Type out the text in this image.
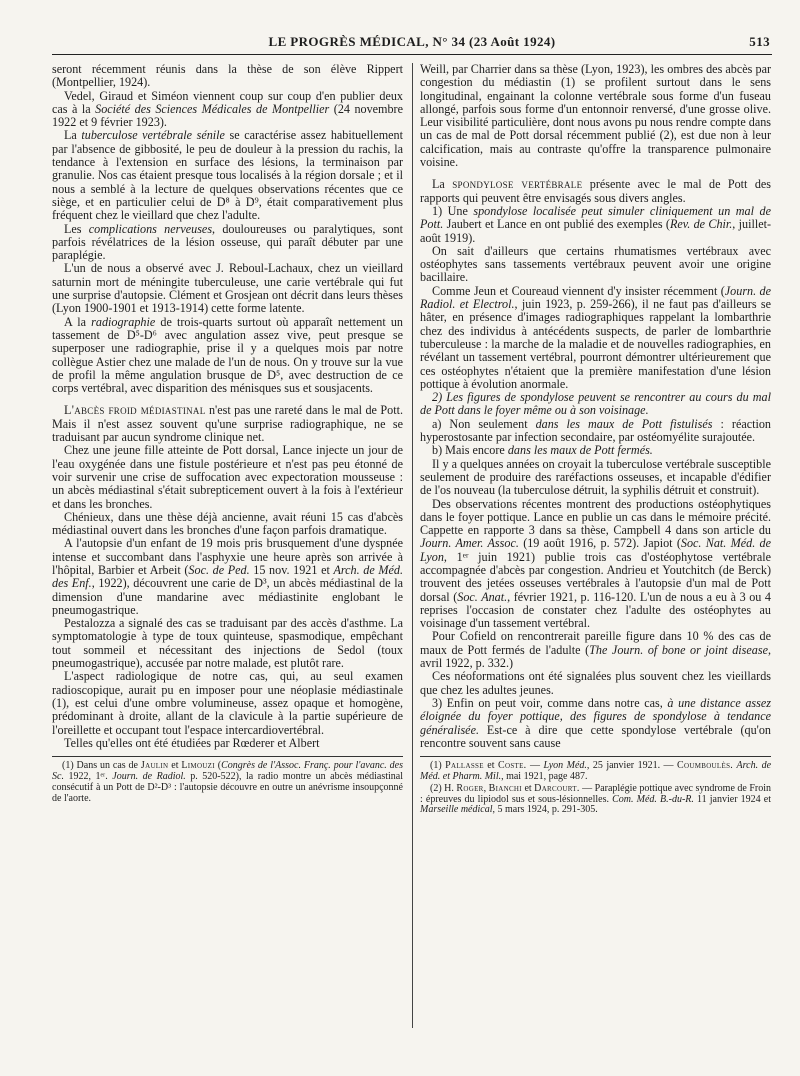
LE PROGRÈS MÉDICAL, N° 34 (23 Août 1924)	513

seront récemment réunis dans la thèse de son élève Rippert (Montpellier, 1924).

Vedel, Giraud et Siméon viennent coup sur coup d'en publier deux cas à la Société des Sciences Médicales de Montpellier (24 novembre 1922 et 9 février 1923).

La tuberculose vertébrale sénile se caractérise assez habituellement par l'absence de gibbosité, le peu de douleur à la pression du rachis, la tendance à l'extension en surface des lésions, la terminaison par granulie. Nos cas étaient presque tous localisés à la région dorsale ; et il nous a semblé à la lecture de quelques observations récentes que ce siège, et en particulier celui de D⁸ à D⁹, était comparativement plus fréquent chez le vieillard que chez l'adulte.

Les complications nerveuses, douloureuses ou paralytiques, sont parfois révélatrices de la lésion osseuse, qui paraît débuter par une paraplégie.

L'un de nous a observé avec J. Reboul-Lachaux, chez un vieillard saturnin mort de méningite tuberculeuse, une carie vertébrale qui fut une surprise d'autopsie. Clément et Grosjean ont décrit dans leurs thèses (Lyon 1900-1901 et 1913-1914) cette forme latente.

A la radiographie de trois-quarts surtout où apparaît nettement un tassement de D⁵-D⁶ avec angulation assez vive, peut presque se superposer une radiographie, prise il y a quelques mois par notre collègue Astier chez une malade de l'un de nous. On y trouve sur la vue de profil la même angulation brusque de D⁵, avec destruction de ce corps vertébral, avec disparition des ménisques sus et sousjacents.

L'abcès froid médiastinal n'est pas une rareté dans le mal de Pott. Mais il n'est assez souvent qu'une surprise radiographique, ne se traduisant par aucun syndrome clinique net.

Chez une jeune fille atteinte de Pott dorsal, Lance injecte un jour de l'eau oxygénée dans une fistule postérieure et n'est pas peu étonné de voir survenir une crise de suffocation avec expectoration mousseuse : un abcès médiastinal s'était subrepticement ouvert à la fois à l'extérieur et dans les bronches.

Chénieux, dans une thèse déjà ancienne, avait réuni 15 cas d'abcès médiastinal ouvert dans les bronches d'une façon parfois dramatique.

A l'autopsie d'un enfant de 19 mois pris brusquement d'une dyspnée intense et succombant dans l'asphyxie une heure après son arrivée à l'hôpital, Barbier et Arbeit (Soc. de Ped. 15 nov. 1921 et Arch. de Méd. des Enf., 1922), découvrent une carie de D³, un abcès médiastinal de la dimension d'une mandarine avec médiastinite englobant le pneumogastrique.

Pestalozza a signalé des cas se traduisant par des accès d'asthme. La symptomatologie à type de toux quinteuse, spasmodique, empêchant tout sommeil et nécessitant des injections de Sedol (toux pneumogastrique), accusée par notre malade, est plutôt rare.

L'aspect radiologique de notre cas, qui, au seul examen radioscopique, aurait pu en imposer pour une néoplasie médiastinale (1), est celui d'une ombre volumineuse, assez opaque et homogène, prédominant à droite, allant de la clavicule à la partie supérieure de l'oreillette et occupant tout l'espace intercardiovertébral.

Telles qu'elles ont été étudiées par Rœderer et Albert

(1) Dans un cas de Jaulin et Limouzi (Congrès de l'Assoc. Franç. pour l'avanc. des Sc. 1922, 1ᵉʳ. Journ. de Radiol. p. 520-522), la radio montre un abcès médiastinal consécutif à un Pott de D²-D³ : l'autopsie découvre en outre un anévrisme insoupçonné de l'aorte.

Weill, par Charrier dans sa thèse (Lyon, 1923), les ombres des abcès par congestion du médiastin (1) se profilent surtout dans le sens longitudinal, engainant la colonne vertébrale sous forme d'un fuseau allongé, parfois sous forme d'un entonnoir renversé, d'une grosse olive. Leur visibilité particulière, dont nous avons pu nous rendre compte dans un cas de mal de Pott dorsal récemment publié (2), est due non à leur calcification, mais au contraste qu'offre la transparence pulmonaire voisine.

La spondylose vertébrale présente avec le mal de Pott des rapports qui peuvent être envisagés sous divers angles.

1) Une spondylose localisée peut simuler cliniquement un mal de Pott. Jaubert et Lance en ont publié des exemples (Rev. de Chir., juillet-août 1919).

On sait d'ailleurs que certains rhumatismes vertébraux avec ostéophytes sans tassements vertébraux peuvent avoir une origine bacillaire.

Comme Jeun et Coureaud viennent d'y insister récemment (Journ. de Radiol. et Electrol., juin 1923, p. 259-266), il ne faut pas d'ailleurs se hâter, en présence d'images radiographiques rappelant la lombarthrie chez des individus à antécédents suspects, de parler de lombarthrie tuberculeuse : la marche de la maladie et de nouvelles radiographies, en révélant un tassement vertébral, pourront démontrer ultérieurement que ces ostéophytes n'étaient que la première manifestation d'une lésion pottique à évolution anormale.

2) Les figures de spondylose peuvent se rencontrer au cours du mal de Pott dans le foyer même ou à son voisinage.

a) Non seulement dans les maux de Pott fistulisés : réaction hyperostosante par infection secondaire, par ostéomyélite surajoutée.

b) Mais encore dans les maux de Pott fermés.

Il y a quelques années on croyait la tuberculose vertébrale susceptible seulement de produire des raréfactions osseuses, et incapable d'édifier de l'os nouveau (la tuberculose détruit, la syphilis détruit et construit).

Des observations récentes montrent des productions ostéophytiques dans le foyer pottique. Lance en publie un cas dans le mémoire précité. Cappette en rapporte 3 dans sa thèse, Campbell 4 dans son article du Journ. Amer. Assoc. (19 août 1916, p. 572). Japiot (Soc. Nat. Méd. de Lyon, 1ᵉʳ juin 1921) publie trois cas d'ostéophytose vertébrale accompagnée d'abcès par congestion. Andrieu et Youtchitch (de Berck) trouvent des jetées osseuses vertébrales à l'autopsie d'un mal de Pott dorsal (Soc. Anat., février 1921, p. 116-120. L'un de nous a eu à 3 ou 4 reprises l'occasion de constater chez l'adulte des ostéophytes au voisinage d'un tassement vertébral.

Pour Cofield on rencontrerait pareille figure dans 10 % des cas de maux de Pott fermés de l'adulte (The Journ. of bone or joint disease, avril 1922, p. 332.)

Ces néoformations ont été signalées plus souvent chez les vieillards que chez les adultes jeunes.

3) Enfin on peut voir, comme dans notre cas, à une distance assez éloignée du foyer pottique, des figures de spondylose à tendance généralisée. Est-ce à dire que cette spondylose vertébrale (qu'on rencontre souvent sans cause

(1) Pallasse et Coste. — Lyon Méd., 25 janvier 1921. — Coumboulès. Arch. de Méd. et Pharm. Mil., mai 1921, page 487.

(2) H. Roger, Bianchi et Darcourt. — Paraplégie pottique avec syndrome de Froin : épreuves du lipiodol sus et sous-lésionnelles. Com. Méd. B.-du-R. 11 janvier 1924 et Marseille médical, 5 mars 1924, p. 291-305.
